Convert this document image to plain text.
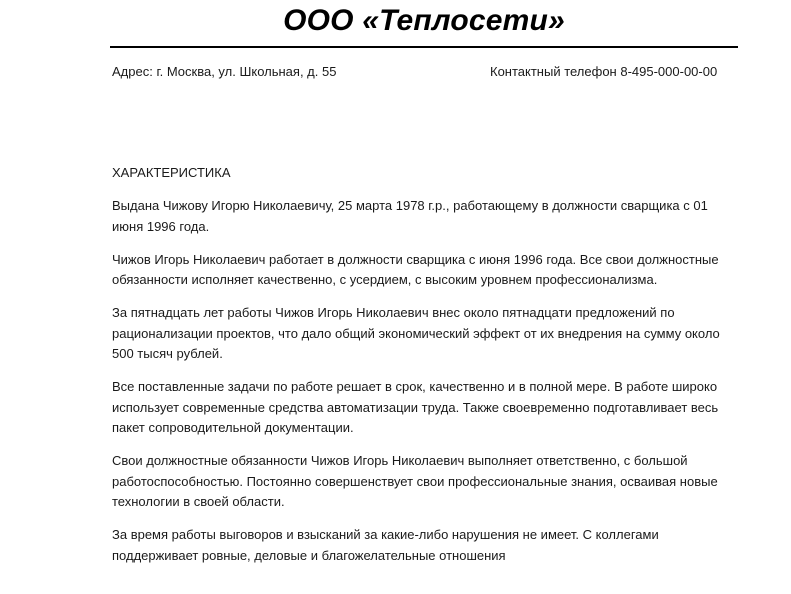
ООО «Теплосети»
Адрес: г. Москва, ул. Школьная, д. 55	Контактный телефон 8-495-000-00-00
ХАРАКТЕРИСТИКА

Выдана Чижову Игорю Николаевичу, 25 марта 1978 г.р., работающему в должности сварщика с 01 июня 1996 года.

Чижов Игорь Николаевич работает в должности сварщика с июня 1996 года. Все свои должностные обязанности исполняет качественно, с усердием, с высоким уровнем профессионализма.

За пятнадцать лет работы Чижов Игорь Николаевич внес около пятнадцати предложений по рационализации проектов, что дало общий экономический эффект от их внедрения на сумму около 500 тысяч рублей.

Все поставленные задачи по работе решает в срок, качественно и в полной мере. В работе широко использует современные средства автоматизации труда. Также своевременно подготавливает весь пакет сопроводительной документации.

Свои должностные обязанности Чижов Игорь Николаевич выполняет ответственно, с большой работоспособностью. Постоянно совершенствует свои профессиональные знания, осваивая новые технологии в своей области.

За время работы выговоров и взысканий за какие-либо нарушения не имеет. С коллегами поддерживает ровные, деловые и благожелательные отношения
